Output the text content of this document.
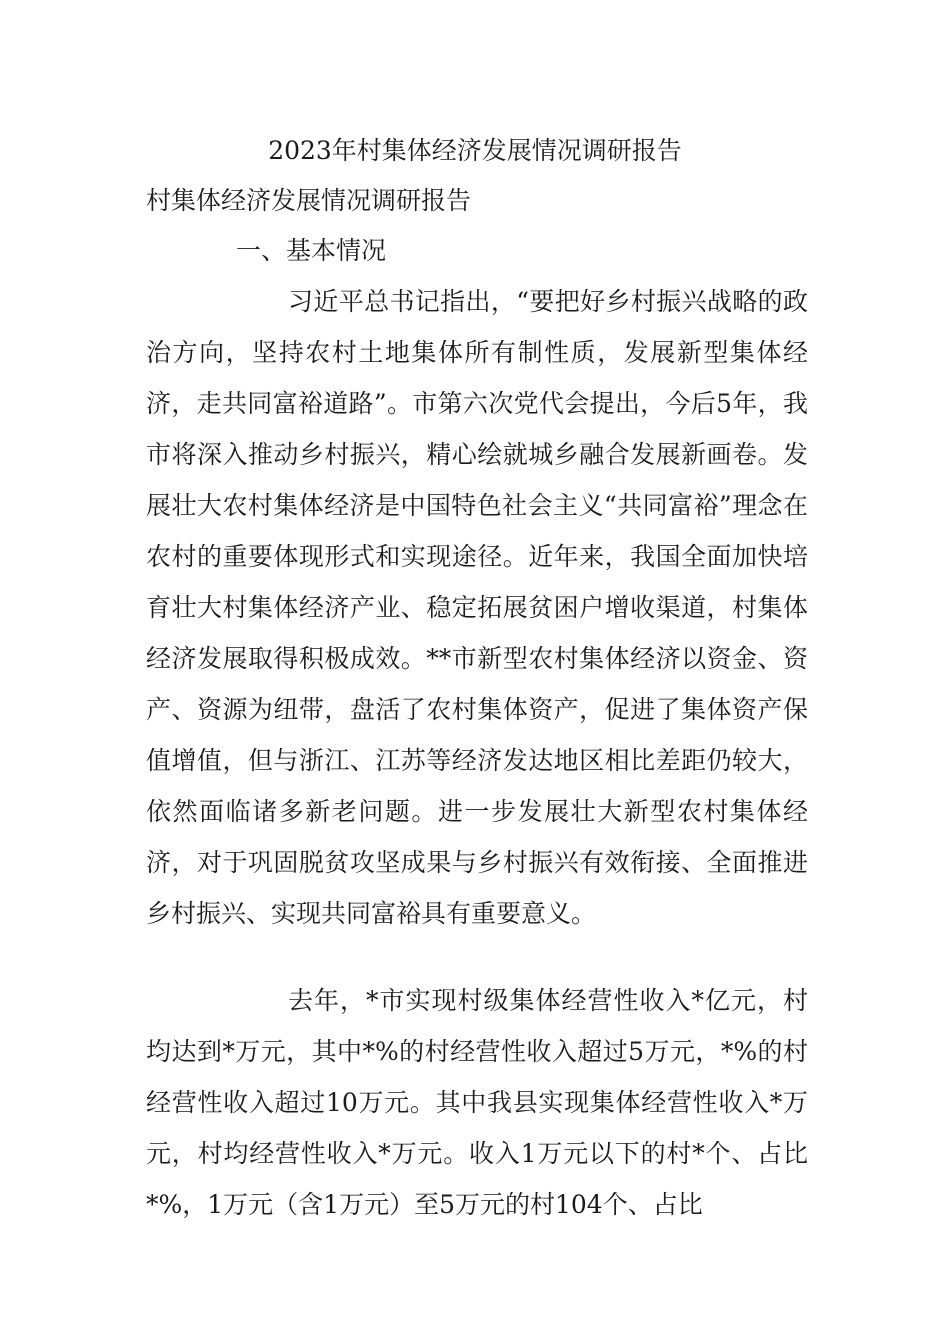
2023年村集体经济发展情况调研报告
村集体经济发展情况调研报告
一、基本情况

习近平总书记指出，“要把好乡村振兴战略的政治方向，坚持农村土地集体所有制性质，发展新型集体经济，走共同富裕道路”。市第六次党代会提出，今后5年，我市将深入推动乡村振兴，精心绘就城乡融合发展新画卷。发展壮大农村集体经济是中国特色社会主义“共同富裕”理念在农村的重要体现形式和实现途径。近年来，我国全面加快培育壮大村集体经济产业、稳定拓展贫困户增收渠道，村集体经济发展取得积极成效。**市新型农村集体经济以资金、资产、资源为纽带，盘活了农村集体资产，促进了集体资产保值增值，但与浙江、江苏等经济发达地区相比差距仍较大，依然面临诸多新老问题。进一步发展壮大新型农村集体经济，对于巩固脱贫攻坚成果与乡村振兴有效衔接、全面推进乡村振兴、实现共同富裕具有重要意义。

去年，*市实现村级集体经营性收入*亿元，村均达到*万元，其中*%的村经营性收入超过5万元，*%的村经营性收入超过10万元。其中我县实现集体经营性收入*万元，村均经营性收入*万元。收入1万元以下的村*个、占比*%，1万元（含1万元）至5万元的村104个、占比
